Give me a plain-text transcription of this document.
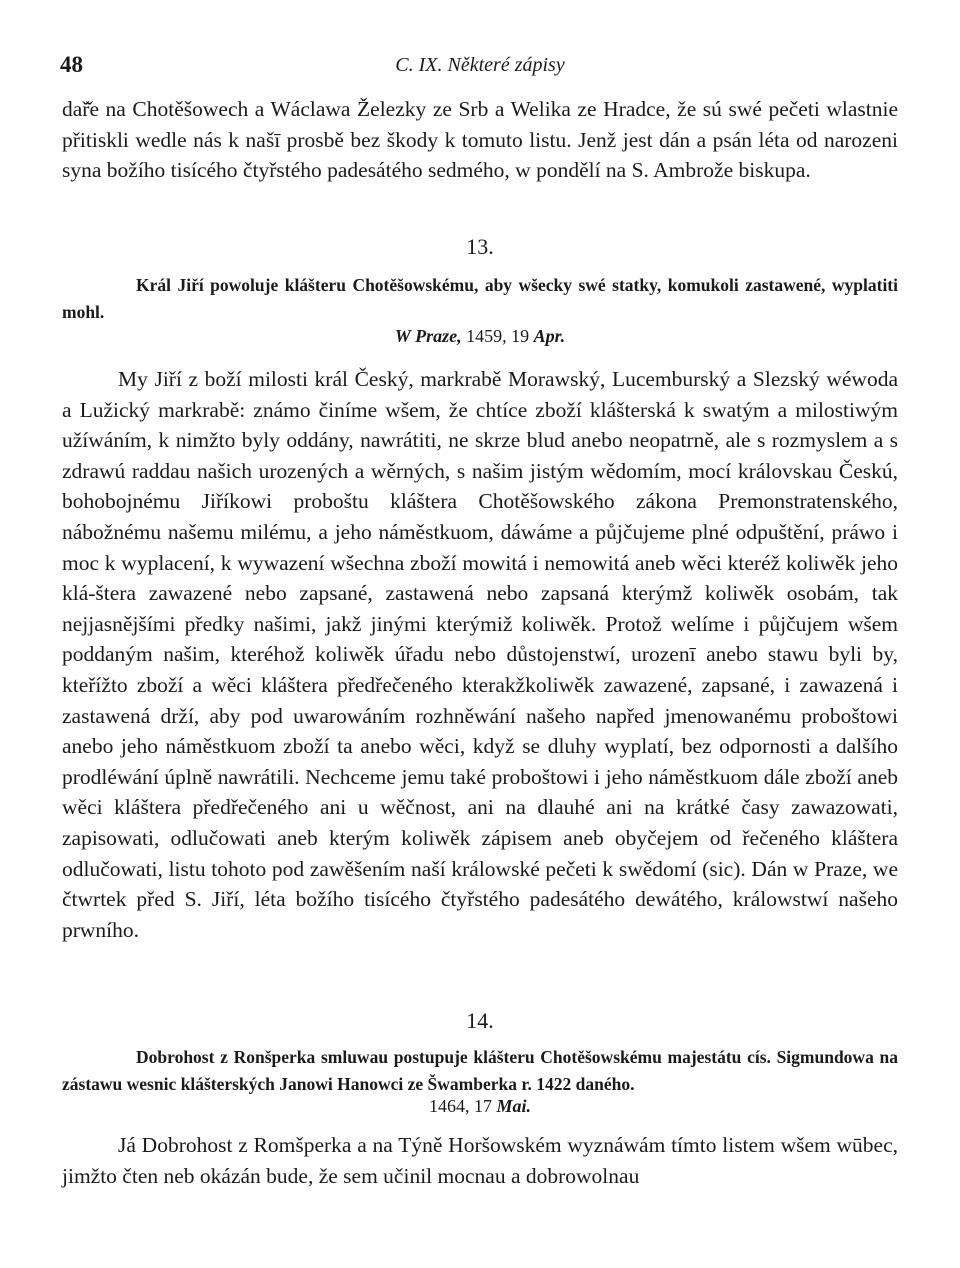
48	C. IX. Některé zápisy

dař̌e na Chotěšowech a Wáclawa Železky ze Srb a Welika ze Hradce, že sú swé pečeti wlastnie přitiskli wedle nás k našī prosbě bez škody k tomuto listu. Jenž jest dán a psán léta od narozeni syna božího tisícého čtyřstého padesátého sedmého, w pondělí na S. Ambrože biskupa.

13.

Král Jiří powoluje klášteru Chotěšowskému, aby wšecky swé statky, komukoli zastawené, wyplatiti mohl.

W Praze, 1459, 19 Apr.

My Jiří z boží milosti král Český, markrabě Morawský, Lucemburský a Slezský wéwoda a Lužický markrabě: známo činíme wšem, že chtíce zboží klášterská k swatým a milostiwým užíwáním, k nimžto byly oddány, nawrátiti, ne skrze blud anebo neopatrně, ale s rozmyslem a s zdrawú raddau našich urozených a wěrných, s našim jistým wědomím, mocí královskau Českú, bohobojnému Jiříkowi proboštu kláštera Chotěšowského zákona Premonstratenského, nábožnému našemu milému, a jeho náměstkuom, dáwáme a půjčujeme plné odpuštění, práwo i moc k wyplacení, k wywazení wšechna zboží mowitá i nemowitá aneb wěci kteréž koliwěk jeho klá-štera zawazené nebo zapsané, zastawená nebo zapsaná kterýmž koliwěk osobám, tak nejjasnějšími předky našimi, jakž jinými kterýmiž koliwěk. Protož welíme i půjčujem wšem poddaným našim, kteréhož koliwěk úřadu nebo důstojenstwí, urozenī anebo stawu byli by, kteřížto zboží a wěci kláštera předřečeného kterakžkoliwěk zawazené, zapsané, i zawazená i zastawená drží, aby pod uwarowáním rozhněwání našeho napřed jmenowanému proboštowi anebo jeho náměstkuom zboží ta anebo wěci, když se dluhy wyplatí, bez odpornosti a dalšího prodléwání úplně nawrátili. Nechceme jemu také proboštowi i jeho náměstkuom dále zboží aneb wěci kláštera předřečeného ani u wěčnost, ani na dlauhé ani na krátké časy zawazowati, zapisowati, odlučowati aneb kterým koliwěk zápisem aneb obyčejem od řečeného kláštera odlučowati, listu tohoto pod zawěšením naší králowské pečeti k swědomí (sic). Dán w Praze, we čtwrtek před S. Jiří, léta božího tisícého čtyřstého padesátého dewátého, králowstwí našeho prwního.

14.

Dobrohost z Ronšperka smluwau postupuje klášteru Chotěšowskému majestátu cís. Sigmundowa na zástawu wesnic klášterských Janowi Hanowci ze Šwamberka r. 1422 daného.

1464, 17 Mai.

Já Dobrohost z Romšperka a na Týně Horšowském wyznáwám tímto listem wšem wūbec, jimžto čten neb okázán bude, že sem učinil mocnau a dobrowolnau
